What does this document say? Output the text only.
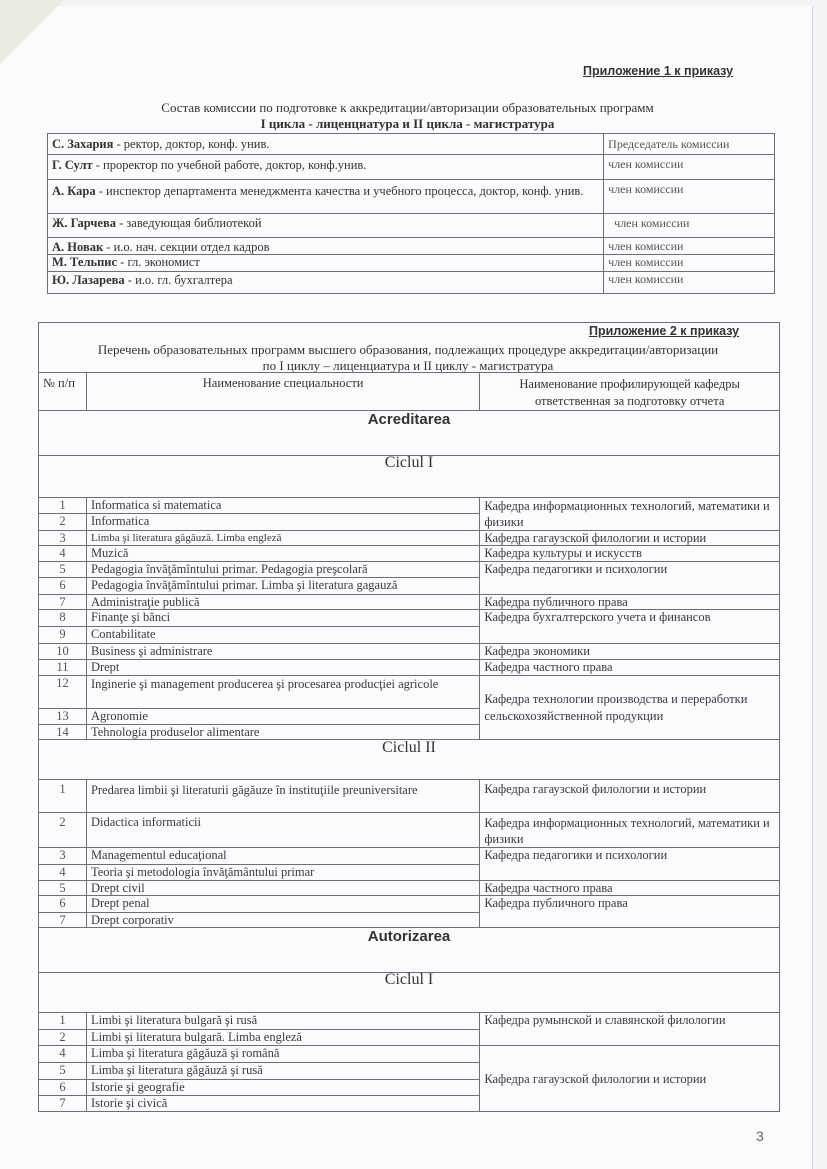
Приложение 1 к приказу
Состав комиссии по подготовке к аккредитации/авторизации образовательных программ
I цикла - лиценциатура и II цикла - магистратура
С. Захария - ректор, доктор, конф. унив.	Председатель комиссии
Г. Султ - проректор по учебной работе, доктор, конф.унив.	член комиссии
А. Кара - инспектор департамента менеджмента качества и учебного процесса, доктор, конф. унив.	член комиссии
Ж. Гарчева - заведующая библиотекой	член комиссии
А. Новак - и.о. нач. секции отдел кадров	член комиссии
М. Тельпис - гл. экономист	член комиссии
Ю. Лазарева - и.о. гл. бухгалтера	член комиссии
Приложение 2 к приказу
Перечень образовательных программ высшего образования, подлежащих процедуре аккредитации/авторизации
по I циклу – лиценциатура и II циклу - магистратура
№ п/п	Наименование специальности	Наименование профилирующей кафедры ответственная за подготовку отчета
Acreditarea		
Ciclul I		
1	Informatica si matematica	Кафедра информационных технологий, математики и физики
2	Informatica	
3	Limba şi literatura găgăuză. Limba engleză	Кафедра гагаузской филологии и истории
4	Muzică	Кафедра культуры и искусств
5	Pedagogia învăţămîntului primar. Pedagogia preşcolară	Кафедра педагогики и психологии
6	Pedagogia învăţămîntului primar. Limba şi literatura gagauză	
7	Administraţie publică	Кафедра публичного права
8	Finanţe şi bănci	Кафедра бухгалтерского учета и финансов
9	Contabilitate	
10	Business şi administrare	Кафедра экономики
11	Drept	Кафедра частного права
12	Inginerie şi management producerea şi procesarea producţiei agricole	Кафедра технологии производства и переработки сельскохозяйственной продукции
13	Agronomie	
14	Tehnologia produselor alimentare	
Ciclul II		
1	Predarea limbii şi literaturii găgăuze în instituţiile preuniversitare	Кафедра гагаузской филологии и истории
2	Didactica informaticii	Кафедра информационных технологий, математики и физики
3	Managementul educaţional	Кафедра педагогики и психологии
4	Teoria şi metodologia învăţământului primar	
5	Drept civil	Кафедра частного права
6	Drept penal	Кафедра публичного права
7	Drept corporativ	
Autorizarea		
Ciclul I		
1	Limbi şi literatura bulgară şi rusă	Кафедра румынской и славянской филологии
2	Limbi şi literatura bulgară. Limba engleză	
4	Limba şi literatura găgăuză şi română	Кафедра гагаузской филологии и истории
5	Limba şi literatura găgăuză şi rusă	
6	Istorie şi geografie	
7	Istorie şi civică	
3
